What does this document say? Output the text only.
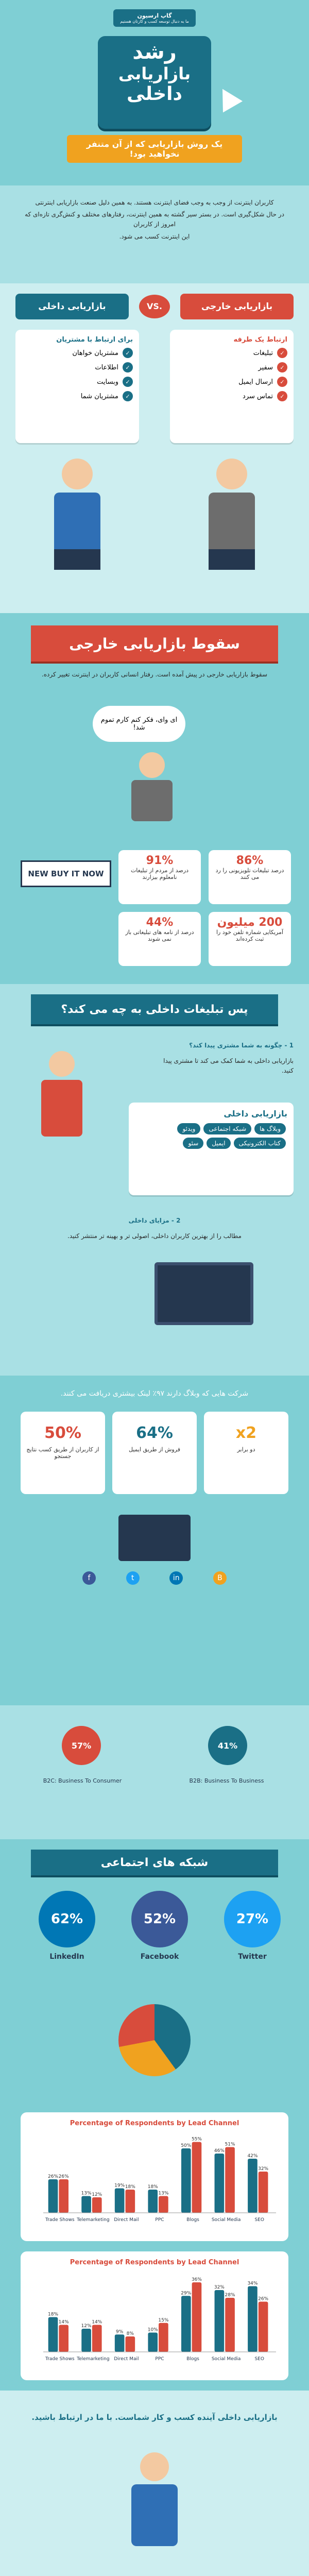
گاپ ارسیون
ما به دنبال توسعه کسب و کارتان هستیم
رشد
بازاریابی
داخلی
یک روش بازاریابی که از آن متنفر نخواهید بود!

کاربران اینترنت از وجب به وجب فضای اینترنت هستند. به همین دلیل صنعت بازاریابی اینترنتی

در حال شکل‌گیری است. در بستر سیر گشته به همین اینترنت، رفتارهای مختلف و کنش‌گری تازه‌ای که امروز از کاربران

این اینترنت کسب می شود.

بازاریابی داخلی	VS.	بازاریابی خارجی
برای ارتباط با مشتریان
✓
مشتریان خواهان
✓
اطلاعات
✓
وبسایت
✓
مشتریان شما
ارتباط یک طرفه
✓
تبلیغات
✓
سفیر
✓
ارسال ایمیل
✓
تماس سرد
سقوط بازاریابی خارجی
سقوط بازاریابی خارجی در پیش آمده است. رفتار انسانی کاربران در اینترنت تغییر کرده.
ای وای، فکر کنم کارم تموم شد!
NEW BUY IT NOW
91%
درصد از مردم از تبلیغات نامعلوم بیزارند
86%
درصد تبلیغات تلویزیونی را رد می کنند
44%
درصد از نامه های تبلیغاتی باز نمی شوند
200 میلیون
آمریکایی شماره تلفن خود را ثبت کرده‌اند
پس تبلیغات داخلی به چه می کند؟
1 - چگونه به شما مشتری پیدا کند؟
بازاریابی داخلی به شما کمک می کند تا مشتری پیدا کنید.
بازاریابی داخلی
وبلاگ هاشبکه اجتماعیویدئوکتاب الکترونیکیایمیلسئو
2 - مزایای داخلی
مطالب را از بهترین کاربران داخلی، اصولی تر و بهینه تر منتشر کنید.
شرکت هایی که وبلاگ دارند ۹۷٪ لینک بیشتری دریافت می کنند.
50%
از کاربران از طریق کسب نتایج جستجو
64%
فروش از طریق ایمیل
x2
دو برابر
f	t	in	B
57%	41%
B2C: Business To Consumer	B2B: Business To Business
شبکه های اجتماعی
62%
LinkedIn
52%
Facebook
27%
Twitter
Percentage of Respondents by Lead Channel
26%
13%
19%	18%
50%
46%
42%
26%
12%
18%
13%
55%
51%
32%
Trade Shows Telemarketing Direct Mail	PPC	Blogs	Social Media	SEO
Percentage of Respondents by Lead Channel
18%
12%
9%	10%
29%
32%
34%
14%	14%
8%
15%
36%
28%
26%
Trade Shows Telemarketing Direct Mail	PPC	Blogs	Social Media	SEO
بازاریابی داخلی آینده کسب و کار شماست. با ما در ارتباط باشید.
